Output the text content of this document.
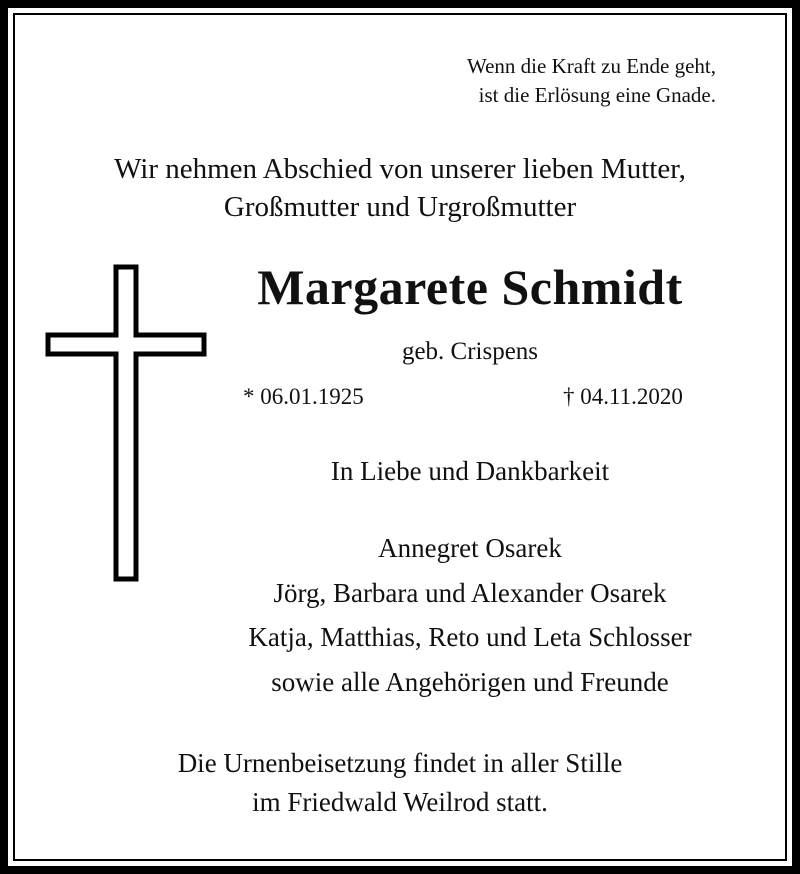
Wenn die Kraft zu Ende geht,
ist die Erlösung eine Gnade.
Wir nehmen Abschied von unserer lieben Mutter,
Großmutter und Urgroßmutter
Margarete Schmidt
geb. Crispens
* 06.01.1925	† 04.11.2020
In Liebe und Dankbarkeit
Annegret Osarek
Jörg, Barbara und Alexander Osarek
Katja, Matthias, Reto und Leta Schlosser
sowie alle Angehörigen und Freunde
Die Urnenbeisetzung findet in aller Stille
im Friedwald Weilrod statt.
